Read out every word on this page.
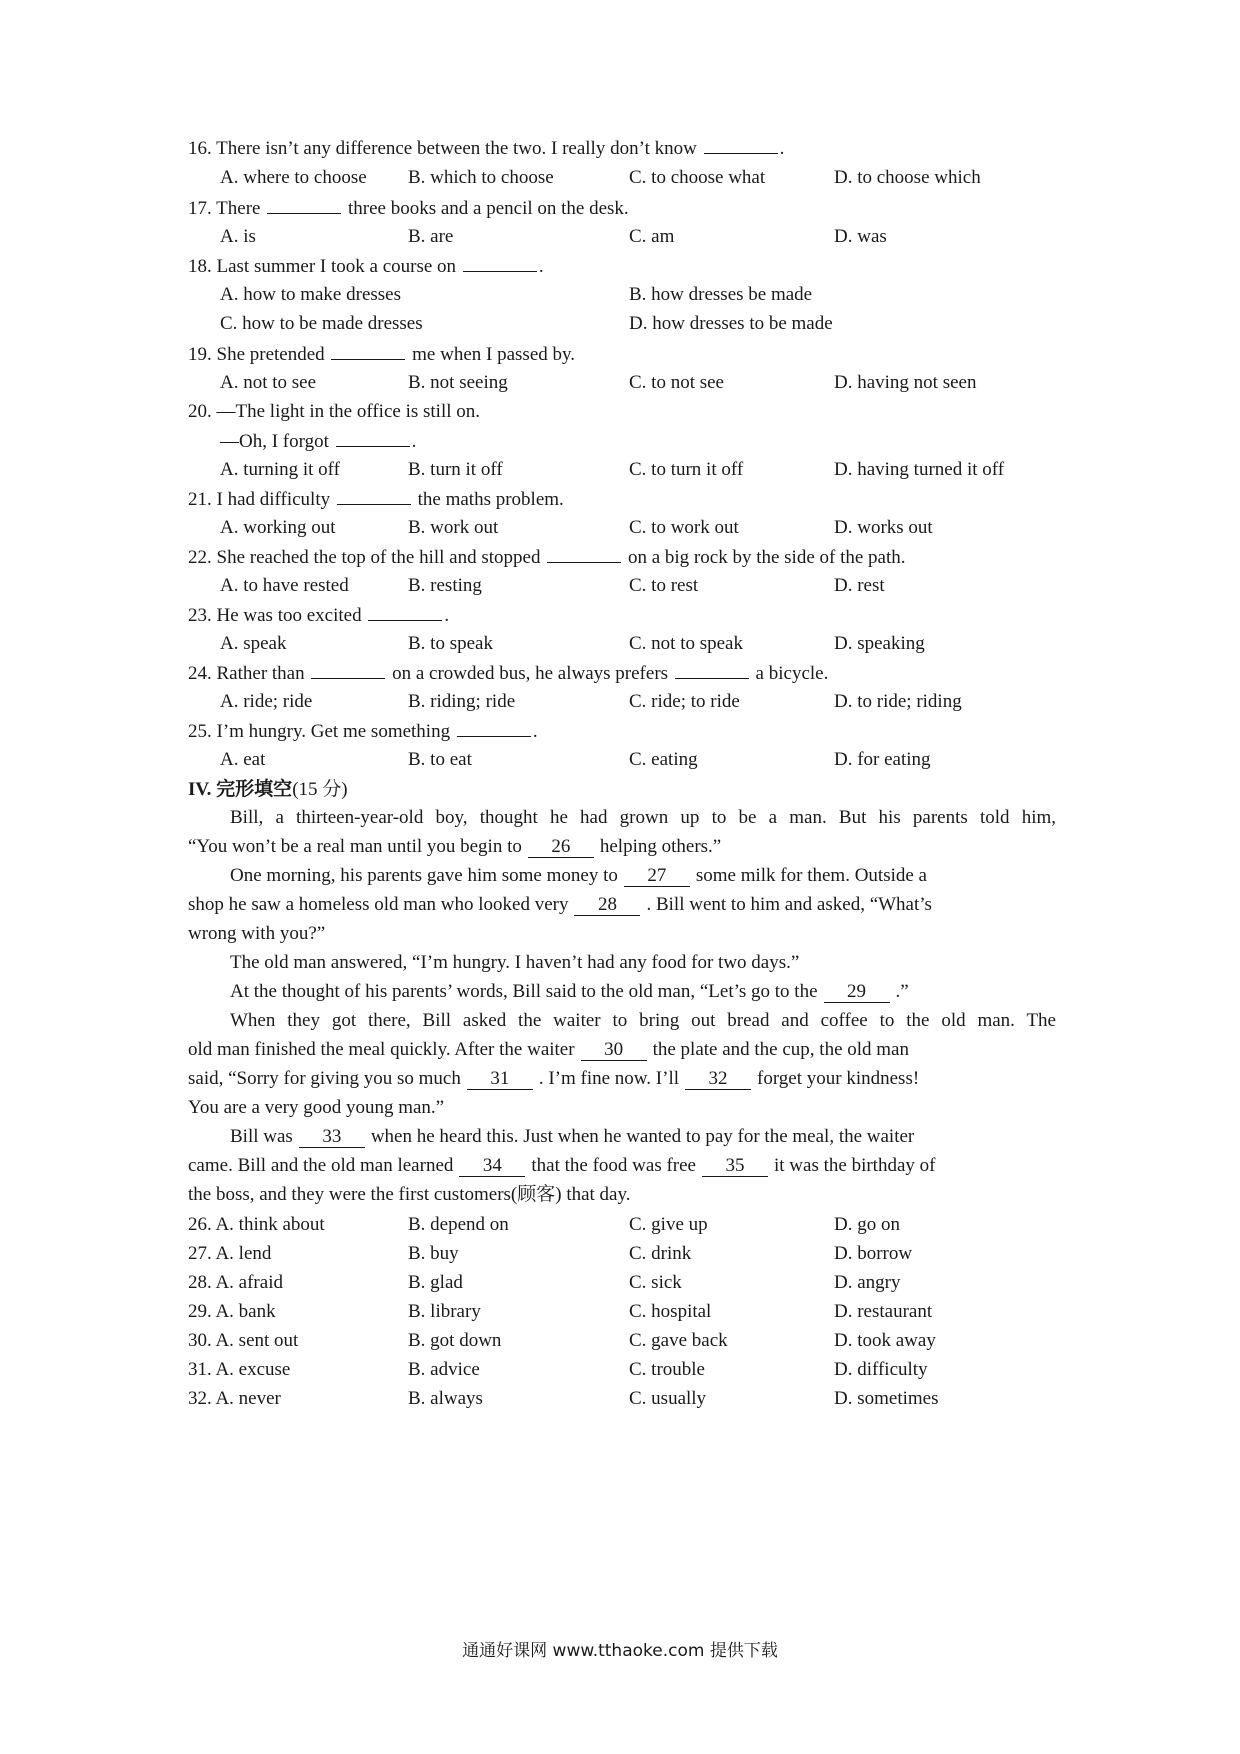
16. There isn’t any difference between the two. I really don’t know	.
A. where to choose B. which to choose	C. to choose what	D. to choose which
17. There	three books and a pencil on the desk.
A. is	B. are	C. am	D. was
18. Last summer I took a course on	.
A. how to make dresses	B. how dresses be made
C. how to be made dresses	D. how dresses to be made
19. She pretended	me when I passed by.
A. not to see	B. not seeing	C. to not see	D. having not seen
20. —The light in the office is still on.
—Oh, I forgot	.
A. turning it off	B. turn it off	C. to turn it off	D. having turned it off
21. I had difficulty	the maths problem.
A. working out	B. work out	C. to work out	D. works out
22. She reached the top of the hill and stopped	on a big rock by the side of the path.
A. to have rested	B. resting	C. to rest	D. rest
23. He was too excited	.
A. speak	B. to speak	C. not to speak	D. speaking
24. Rather than	on a crowded bus, he always prefers	a bicycle.
A. ride; ride	B. riding; ride	C. ride; to ride	D. to ride; riding
25. I’m hungry. Get me something	.
A. eat	B. to eat	C. eating	D. for eating
IV. 完形填空(15 分)
Bill, a thirteen-year-old boy, thought he had grown up to be a man. But his parents told him,
“You won’t be a real man until you begin to 26 helping others.”
One morning, his parents gave him some money to 27 some milk for them. Outside a
shop he saw a homeless old man who looked very 28 . Bill went to him and asked, “What’s
wrong with you?”
The old man answered, “I’m hungry. I haven’t had any food for two days.”
At the thought of his parents’ words, Bill said to the old man, “Let’s go to the 29 .”
When they got there, Bill asked the waiter to bring out bread and coffee to the old man. The
old man finished the meal quickly. After the waiter 30 the plate and the cup, the old man
said, “Sorry for giving you so much 31 . I’m fine now. I’ll 32 forget your kindness!
You are a very good young man.”
Bill was 33 when he heard this. Just when he wanted to pay for the meal, the waiter
came. Bill and the old man learned 34 that the food was free 35 it was the birthday of
the boss, and they were the first customers(顾客) that day.
26. A. think about	B. depend on	C. give up	D. go on
27. A. lend	B. buy	C. drink	D. borrow
28. A. afraid	B. glad	C. sick	D. angry
29. A. bank	B. library	C. hospital	D. restaurant
30. A. sent out	B. got down	C. gave back	D. took away
31. A. excuse	B. advice	C. trouble	D. difficulty
32. A. never	B. always	C. usually	D. sometimes
通通好课网 www.tthaoke.com 提供下载
